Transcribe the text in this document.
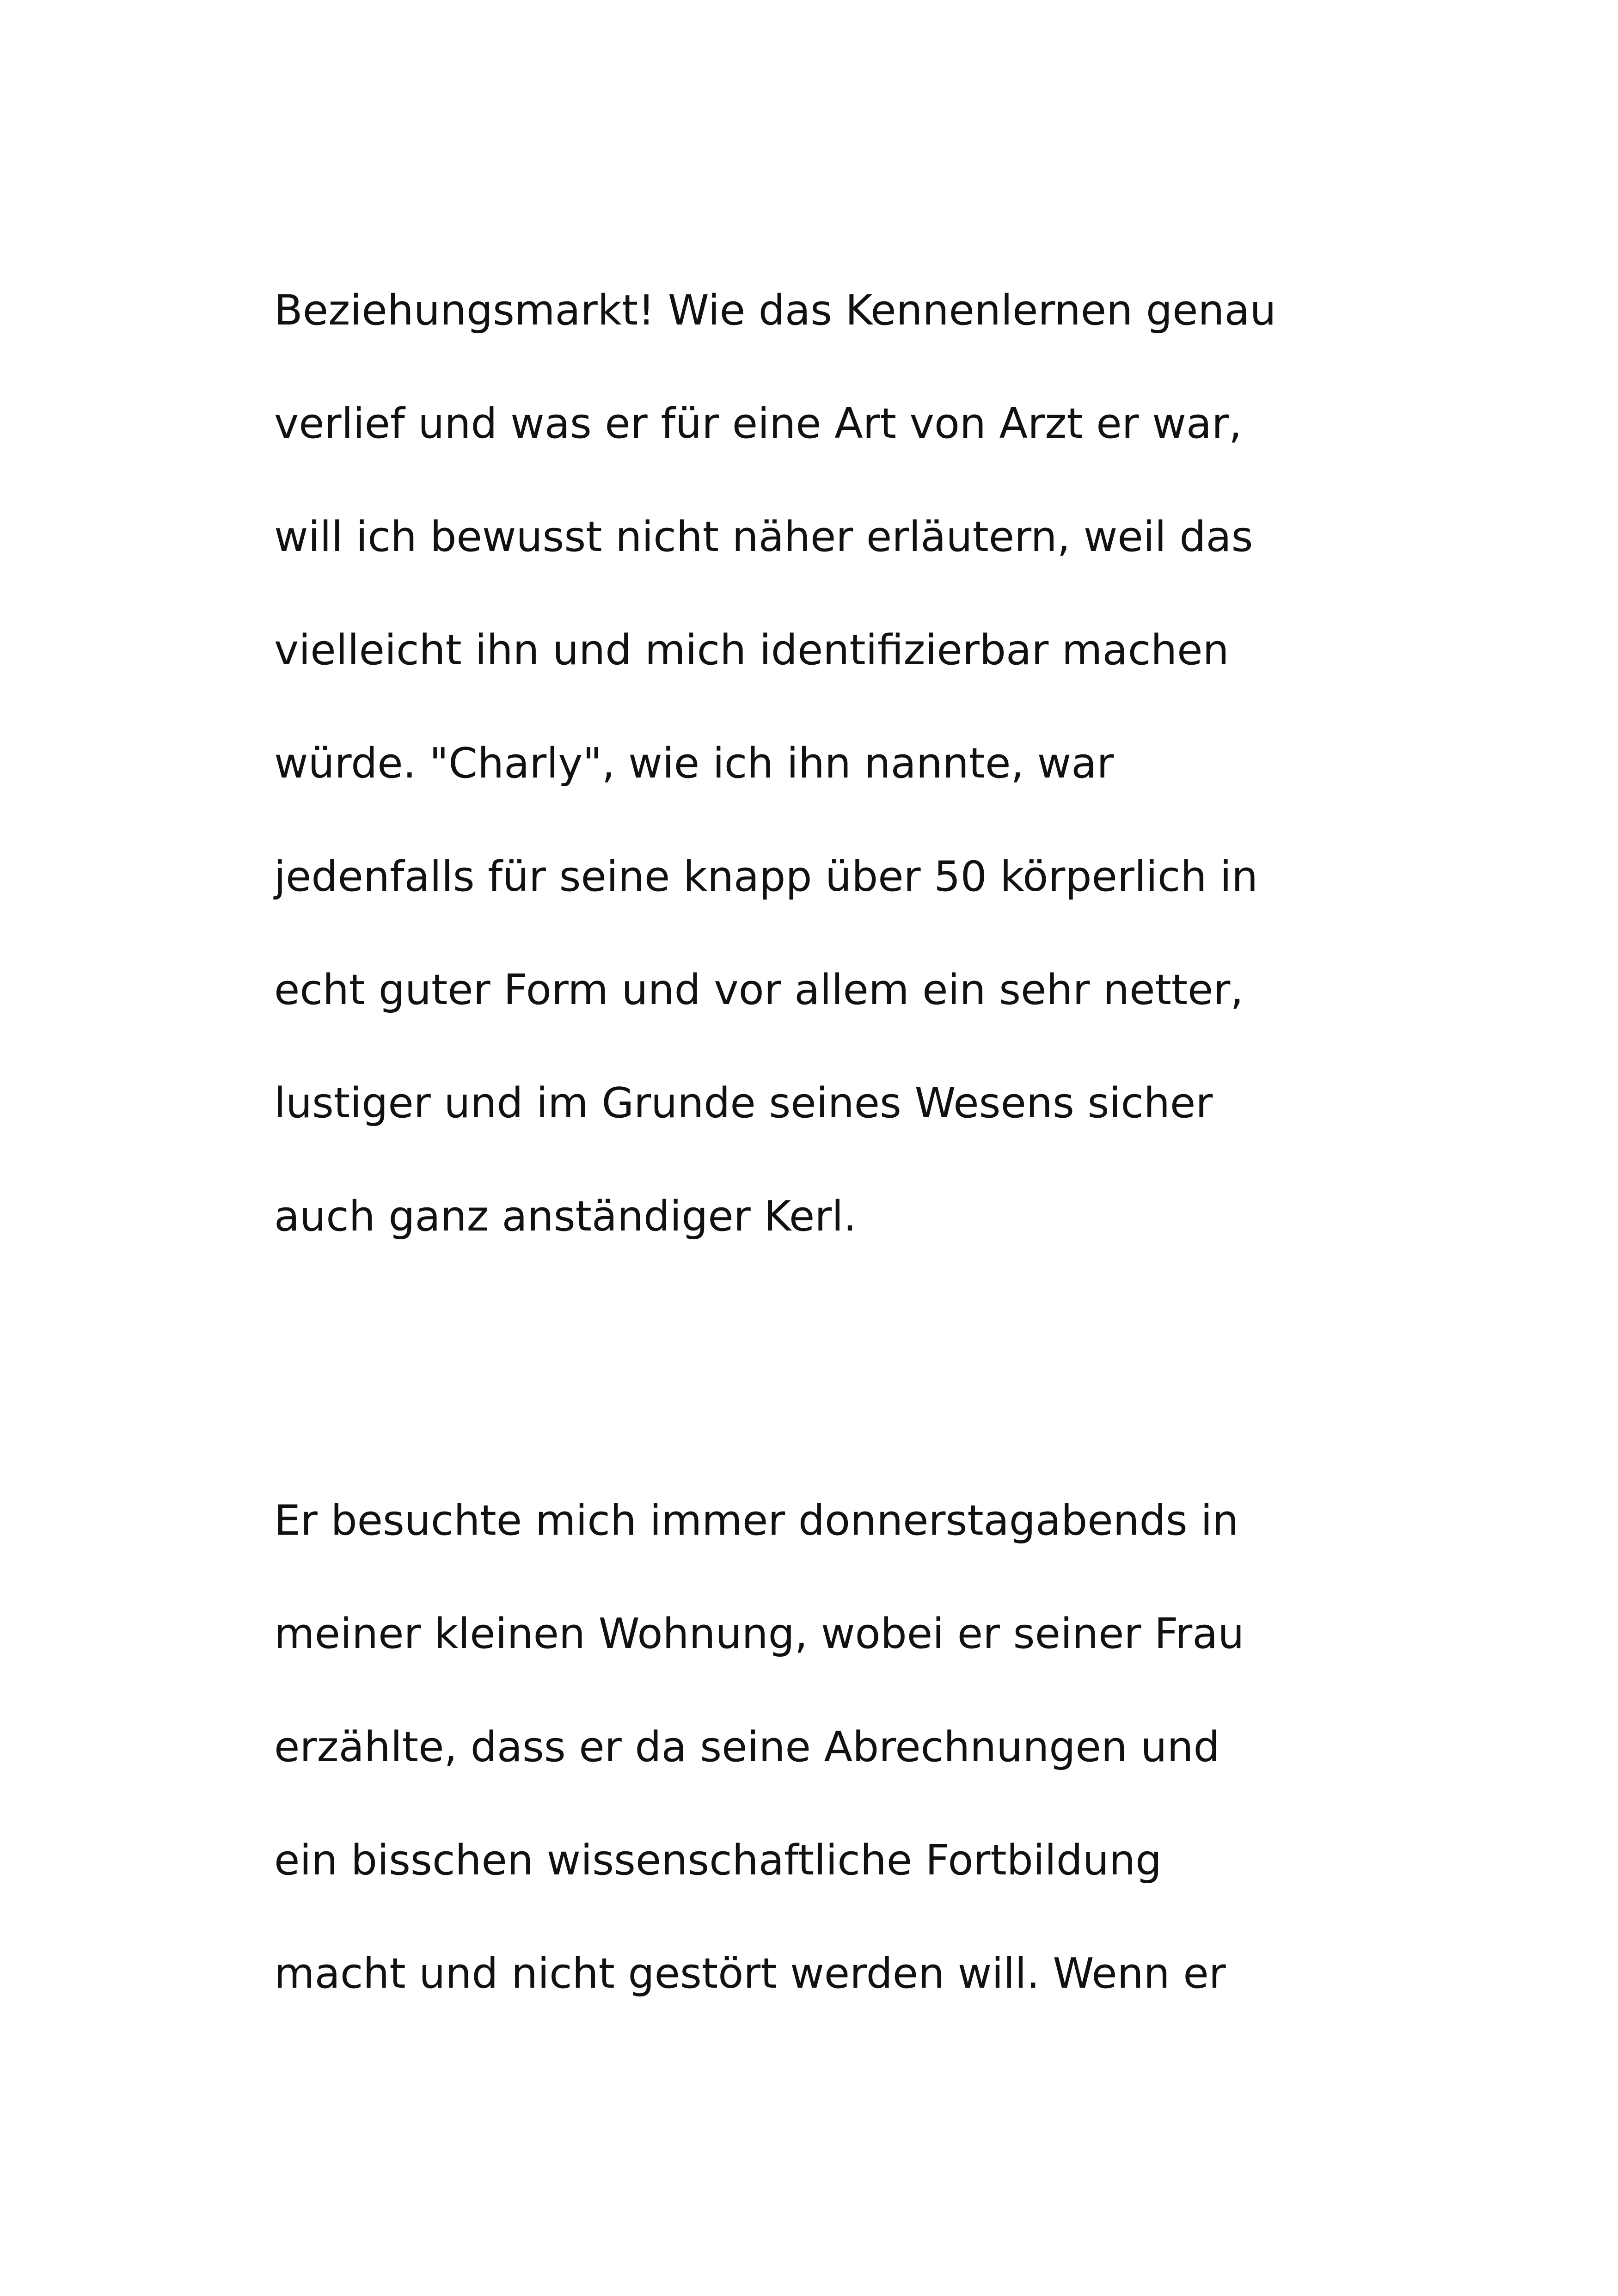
Beziehungsmarkt! Wie das Kennenlernen genau

verlief und was er für eine Art von Arzt er war,

will ich bewusst nicht näher erläutern, weil das

vielleicht ihn und mich identifizierbar machen

würde. "Charly", wie ich ihn nannte, war

jedenfalls für seine knapp über 50 körperlich in

echt guter Form und vor allem ein sehr netter,

lustiger und im Grunde seines Wesens sicher

auch ganz anständiger Kerl.

Er besuchte mich immer donnerstagabends in

meiner kleinen Wohnung, wobei er seiner Frau

erzählte, dass er da seine Abrechnungen und

ein bisschen wissenschaftliche Fortbildung

macht und nicht gestört werden will. Wenn er
